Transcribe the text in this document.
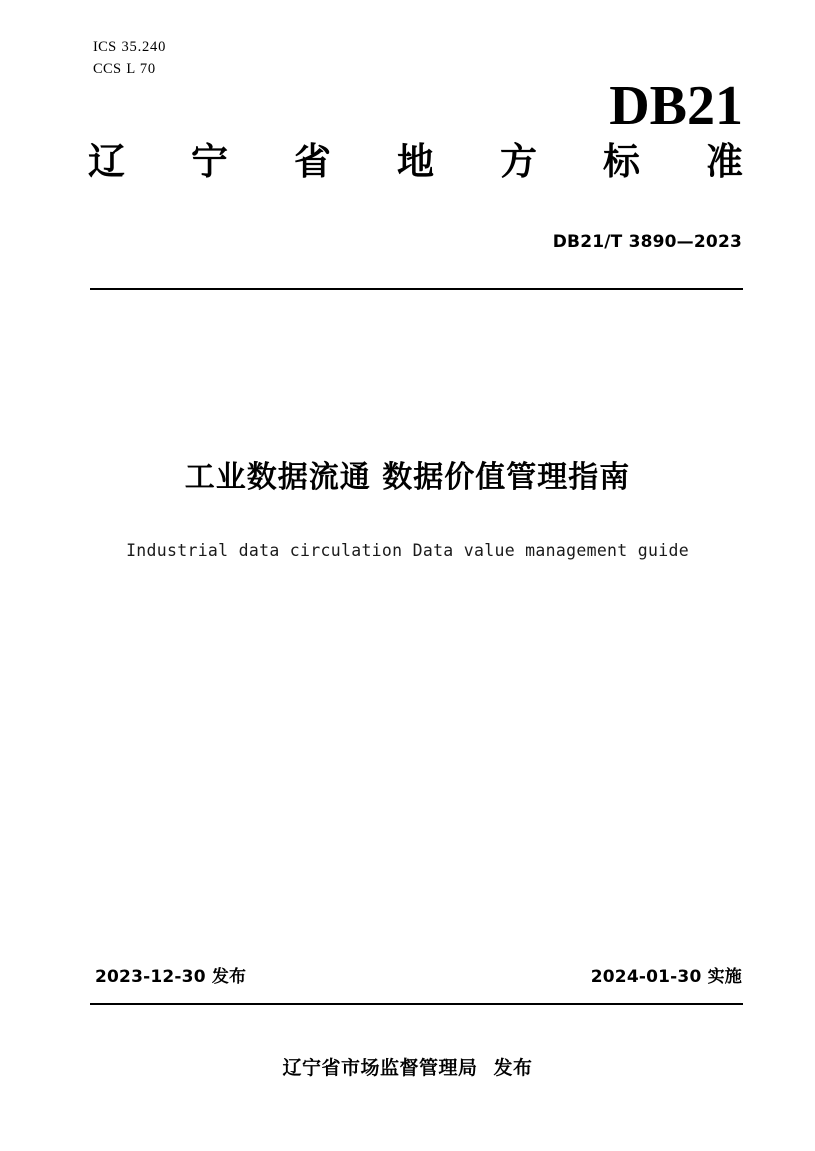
ICS 35.240
CCS L 70
DB21
辽 宁 省 地 方 标 准
DB21/T 3890—2023
工业数据流通 数据价值管理指南
Industrial data circulation Data value management guide
2023-12-30 发布	2024-01-30 实施
辽宁省市场监督管理局 发布
